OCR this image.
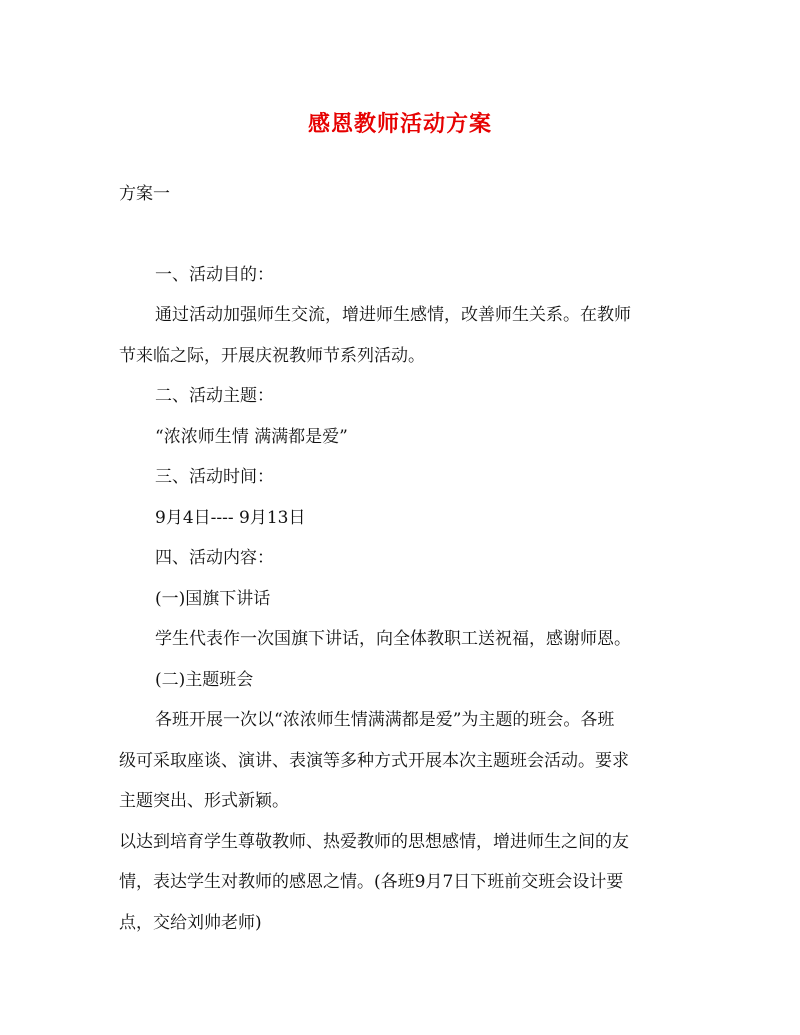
感恩教师活动方案
方案一
一、活动目的：
通过活动加强师生交流，增进师生感情，改善师生关系。在教师
节来临之际，开展庆祝教师节系列活动。
二、活动主题：
“浓浓师生情 满满都是爱”
三、活动时间：
9月4日---- 9月13日
四、活动内容：
(一)国旗下讲话
学生代表作一次国旗下讲话，向全体教职工送祝福，感谢师恩。
(二)主题班会
各班开展一次以“浓浓师生情满满都是爱”为主题的班会。各班
级可采取座谈、演讲、表演等多种方式开展本次主题班会活动。要求
主题突出、形式新颖。
以达到培育学生尊敬教师、热爱教师的思想感情，增进师生之间的友
情，表达学生对教师的感恩之情。(各班9月7日下班前交班会设计要
点，交给刘帅老师)
